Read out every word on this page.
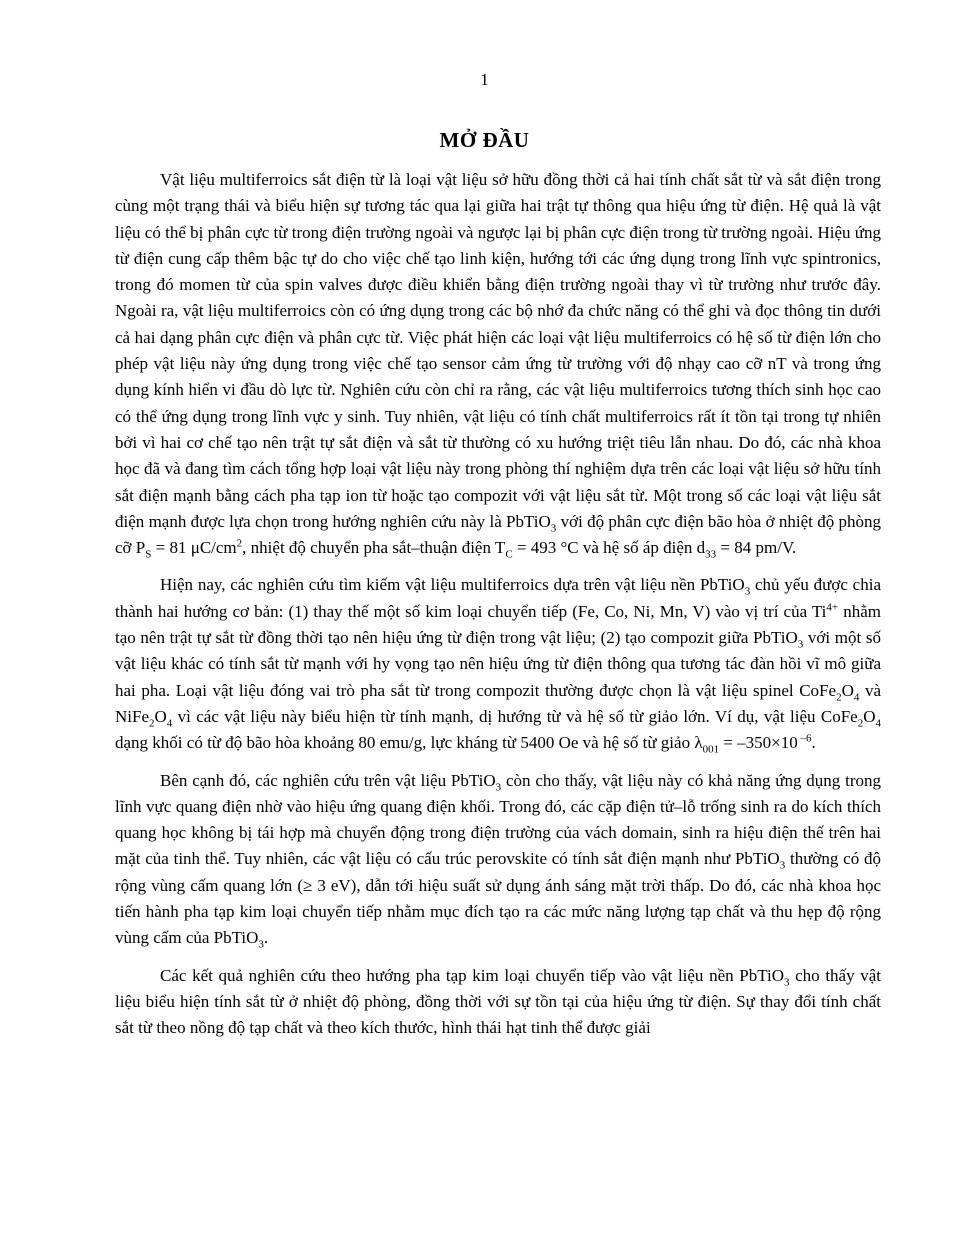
1
MỞ ĐẦU

Vật liệu multiferroics sắt điện từ là loại vật liệu sở hữu đồng thời cả hai tính chất sắt từ và sắt điện trong cùng một trạng thái và biểu hiện sự tương tác qua lại giữa hai trật tự thông qua hiệu ứng từ điện. Hệ quả là vật liệu có thể bị phân cực từ trong điện trường ngoài và ngược lại bị phân cực điện trong từ trường ngoài. Hiệu ứng từ điện cung cấp thêm bậc tự do cho việc chế tạo linh kiện, hướng tới các ứng dụng trong lĩnh vực spintronics, trong đó momen từ của spin valves được điều khiển bằng điện trường ngoài thay vì từ trường như trước đây. Ngoài ra, vật liệu multiferroics còn có ứng dụng trong các bộ nhớ đa chức năng có thể ghi và đọc thông tin dưới cả hai dạng phân cực điện và phân cực từ. Việc phát hiện các loại vật liệu multiferroics có hệ số từ điện lớn cho phép vật liệu này ứng dụng trong việc chế tạo sensor cảm ứng từ trường với độ nhạy cao cỡ nT và trong ứng dụng kính hiển vi đầu dò lực từ. Nghiên cứu còn chỉ ra rằng, các vật liệu multiferroics tương thích sinh học cao có thể ứng dụng trong lĩnh vực y sinh. Tuy nhiên, vật liệu có tính chất multiferroics rất ít tồn tại trong tự nhiên bởi vì hai cơ chế tạo nên trật tự sắt điện và sắt từ thường có xu hướng triệt tiêu lẫn nhau. Do đó, các nhà khoa học đã và đang tìm cách tổng hợp loại vật liệu này trong phòng thí nghiệm dựa trên các loại vật liệu sở hữu tính sắt điện mạnh bằng cách pha tạp ion từ hoặc tạo compozit với vật liệu sắt từ. Một trong số các loại vật liệu sắt điện mạnh được lựa chọn trong hướng nghiên cứu này là PbTiO$_3$ với độ phân cực điện bão hòa ở nhiệt độ phòng cỡ $P_S = 81$ $\mu C/cm^2$, nhiệt độ chuyển pha sắt–thuận điện $T_C = 493$ °C và hệ số áp điện $d_{33} = 84$ pm/V.

Hiện nay, các nghiên cứu tìm kiếm vật liệu multiferroics dựa trên vật liệu nền PbTiO$_3$ chủ yếu được chia thành hai hướng cơ bản: (1) thay thế một số kim loại chuyển tiếp (Fe, Co, Ni, Mn, V) vào vị trí của $Ti^{4+}$ nhằm tạo nên trật tự sắt từ đồng thời tạo nên hiệu ứng từ điện trong vật liệu; (2) tạo compozit giữa PbTiO$_3$ với một số vật liệu khác có tính sắt từ mạnh với hy vọng tạo nên hiệu ứng từ điện thông qua tương tác đàn hồi vĩ mô giữa hai pha. Loại vật liệu đóng vai trò pha sắt từ trong compozit thường được chọn là vật liệu spinel $CoFe_2O_4$ và $NiFe_2O_4$ vì các vật liệu này biểu hiện từ tính mạnh, dị hướng từ và hệ số từ giảo lớn. Ví dụ, vật liệu $CoFe_2O_4$ dạng khối có từ độ bão hòa khoảng 80 emu/g, lực kháng từ 5400 Oe và hệ số từ giảo $\lambda_{001} = -350\times 10$ $^{-6}$.

Bên cạnh đó, các nghiên cứu trên vật liệu PbTiO$_3$ còn cho thấy, vật liệu này có khả năng ứng dụng trong lĩnh vực quang điện nhờ vào hiệu ứng quang điện khối. Trong đó, các cặp điện tử–lỗ trống sinh ra do kích thích quang học không bị tái hợp mà chuyển động trong điện trường của vách domain, sinh ra hiệu điện thế trên hai mặt của tinh thể. Tuy nhiên, các vật liệu có cấu trúc perovskite có tính sắt điện mạnh như PbTiO$_3$ thường có độ rộng vùng cấm quang lớn (≥ 3 eV), dẫn tới hiệu suất sử dụng ánh sáng mặt trời thấp. Do đó, các nhà khoa học tiến hành pha tạp kim loại chuyển tiếp nhằm mục đích tạo ra các mức năng lượng tạp chất và thu hẹp độ rộng vùng cấm của PbTiO$_3$.

Các kết quả nghiên cứu theo hướng pha tạp kim loại chuyển tiếp vào vật liệu nền PbTiO$_3$ cho thấy vật liệu biểu hiện tính sắt từ ở nhiệt độ phòng, đồng thời với sự tồn tại của hiệu ứng từ điện. Sự thay đổi tính chất sắt từ theo nồng độ tạp chất và theo kích thước, hình thái hạt tinh thể được giải
